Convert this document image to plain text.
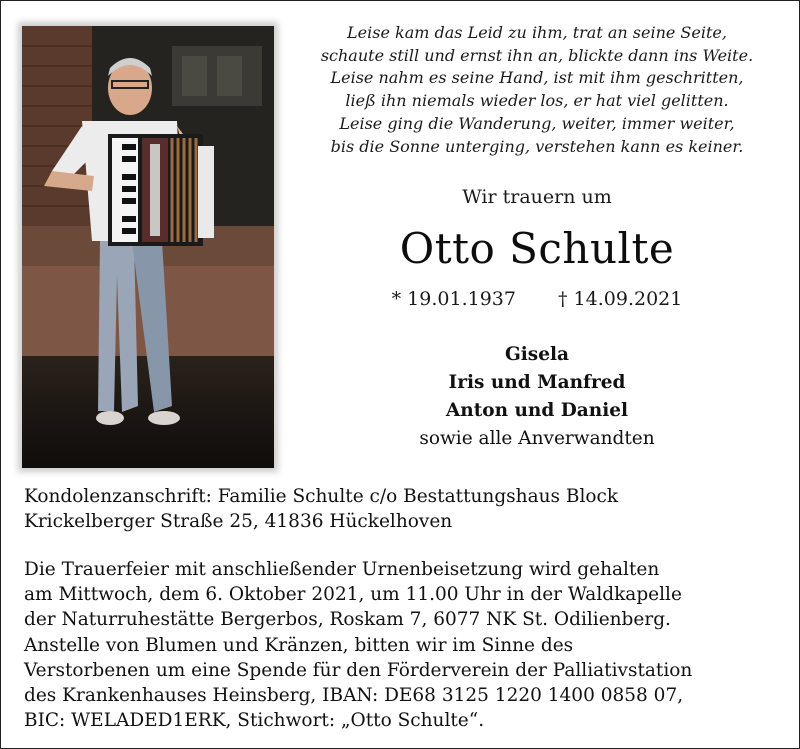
Leise kam das Leid zu ihm, trat an seine Seite,
schaute still und ernst ihn an, blickte dann ins Weite.
Leise nahm es seine Hand, ist mit ihm geschritten,
ließ ihn niemals wieder los, er hat viel gelitten.
Leise ging die Wanderung, weiter, immer weiter,
bis die Sonne unterging, verstehen kann es keiner.
Wir trauern um
Otto Schulte
* 19.01.1937 † 14.09.2021
Gisela
Iris und Manfred
Anton und Daniel
sowie alle Anverwandten
Kondolenzanschrift: Familie Schulte c/o Bestattungshaus Block
Krickelberger Straße 25, 41836 Hückelhoven
Die Trauerfeier mit anschließender Urnenbeisetzung wird gehalten
am Mittwoch, dem 6. Oktober 2021, um 11.00 Uhr in der Waldkapelle
der Naturruhestätte Bergerbos, Roskam 7, 6077 NK St. Odilienberg.
Anstelle von Blumen und Kränzen, bitten wir im Sinne des
Verstorbenen um eine Spende für den Förderverein der Palliativstation
des Krankenhauses Heinsberg, IBAN: DE68 3125 1220 1400 0858 07,
BIC: WELADED1ERK, Stichwort: „Otto Schulte“.
